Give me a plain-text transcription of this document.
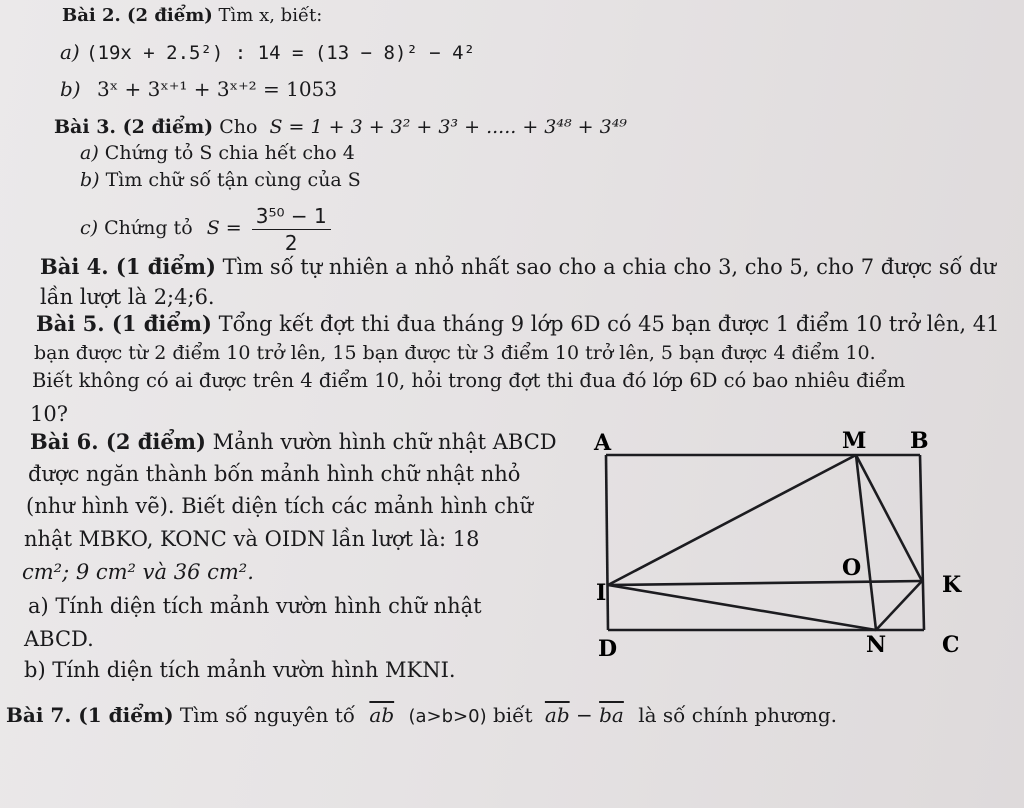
Bài 2. (2 điểm) Tìm x, biết:
a) (19x + 2.5²) : 14 = (13 − 8)² − 4²
b) 3ˣ + 3ˣ⁺¹ + 3ˣ⁺² = 1053
Bài 3. (2 điểm) Cho S = 1 + 3 + 3² + 3³ + ..... + 3⁴⁸ + 3⁴⁹
a) Chứng tỏ S chia hết cho 4
b) Tìm chữ số tận cùng của S
c) Chứng tỏ $S = \frac{\text{3⁵⁰ − 1}}{2}$
Bài 4. (1 điểm) Tìm số tự nhiên a nhỏ nhất sao cho a chia cho 3, cho 5, cho 7 được số dư
lần lượt là 2;4;6.
Bài 5. (1 điểm) Tổng kết đợt thi đua tháng 9 lớp 6D có 45 bạn được 1 điểm 10 trở lên, 41
bạn được từ 2 điểm 10 trở lên, 15 bạn được từ 3 điểm 10 trở lên, 5 bạn được 4 điểm 10.
Biết không có ai được trên 4 điểm 10, hỏi trong đợt thi đua đó lớp 6D có bao nhiêu điểm
10?
Bài 6. (2 điểm) Mảnh vườn hình chữ nhật ABCD
được ngăn thành bốn mảnh hình chữ nhật nhỏ
(như hình vẽ). Biết diện tích các mảnh hình chữ
nhật MBKO, KONC và OIDN lần lượt là: 18
cm²; 9 cm² và 36 cm².
a) Tính diện tích mảnh vườn hình chữ nhật
ABCD.
b) Tính diện tích mảnh vườn hình MKNI.
A	M B
O
I	K
D	N	C
Bài 7. (1 điểm) Tìm số nguyên tố $\overline{ab}$ (a>b>0) biết $\overline{ab} - \overline{ba}$ là số chính phương.
